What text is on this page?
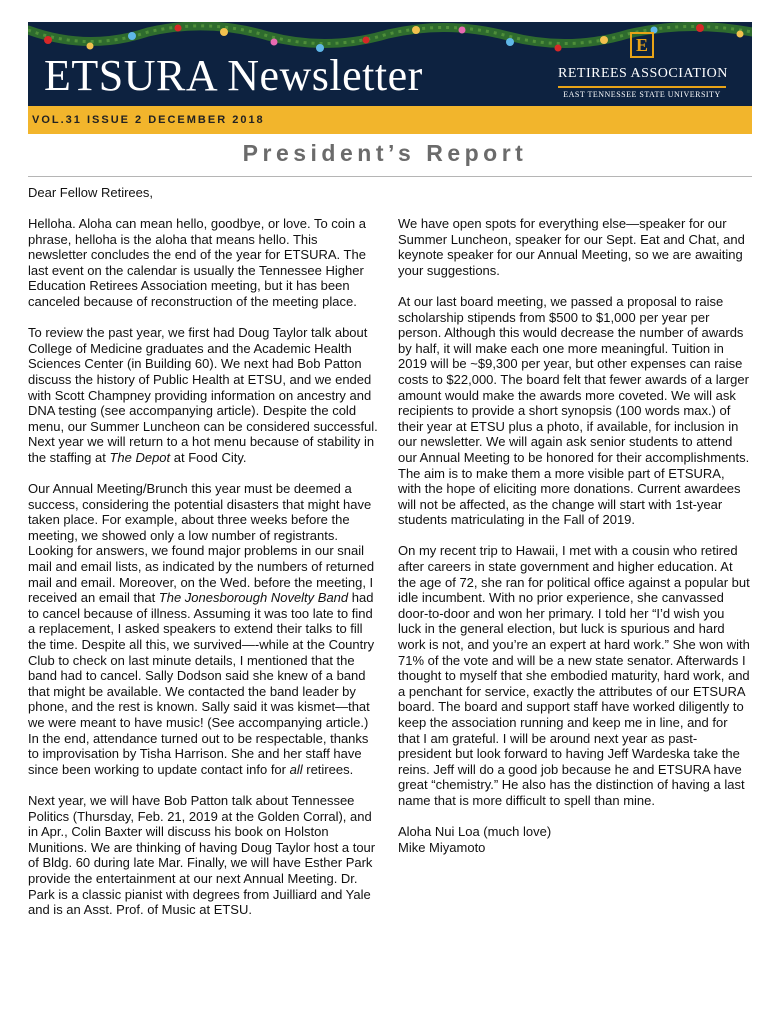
ETSURA Newsletter
E
RETIREES ASSOCIATION
EAST TENNESSEE STATE UNIVERSITY
VOL.31 ISSUE 2 DECEMBER 2018
President’s Report
Dear Fellow Retirees,

Helloha. Aloha can mean hello, goodbye, or love. To coin a phrase, helloha is the aloha that means hello. This newsletter concludes the end of the year for ETSURA. The last event on the calendar is usually the Tennessee Higher Education Retirees Association meeting, but it has been canceled because of reconstruction of the meeting place.

To review the past year, we first had Doug Taylor talk about College of Medicine graduates and the Academic Health Sciences Center (in Building 60). We next had Bob Patton discuss the history of Public Health at ETSU, and we ended with Scott Champney providing information on ancestry and DNA testing (see accompanying article). Despite the cold menu, our Summer Luncheon can be considered successful. Next year we will return to a hot menu because of stability in the staffing at The Depot at Food City.

Our Annual Meeting/Brunch this year must be deemed a success, considering the potential disasters that might have taken place. For example, about three weeks before the meeting, we showed only a low number of registrants. Looking for answers, we found major problems in our snail mail and email lists, as indicated by the numbers of returned mail and email. Moreover, on the Wed. before the meeting, I received an email that The Jonesborough Novelty Band had to cancel because of illness. Assuming it was too late to find a replacement, I asked speakers to extend their talks to fill the time. Despite all this, we survived—-while at the Country Club to check on last minute details, I mentioned that the band had to cancel. Sally Dodson said she knew of a band that might be available. We contacted the band leader by phone, and the rest is known. Sally said it was kismet—that we were meant to have music! (See accompanying article.) In the end, attendance turned out to be respectable, thanks to improvisation by Tisha Harrison. She and her staff have since been working to update contact info for all retirees.

Next year, we will have Bob Patton talk about Tennessee Politics (Thursday, Feb. 21, 2019 at the Golden Corral), and in Apr., Colin Baxter will discuss his book on Holston Munitions. We are thinking of having Doug Taylor host a tour of Bldg. 60 during late Mar. Finally, we will have Esther Park provide the entertainment at our next Annual Meeting. Dr. Park is a classic pianist with degrees from Juilliard and Yale and is an Asst. Prof. of Music at ETSU.

We have open spots for everything else—speaker for our Summer Luncheon, speaker for our Sept. Eat and Chat, and keynote speaker for our Annual Meeting, so we are awaiting your suggestions.

At our last board meeting, we passed a proposal to raise scholarship stipends from $500 to $1,000 per year per person. Although this would decrease the number of awards by half, it will make each one more meaningful. Tuition in 2019 will be ~$9,300 per year, but other expenses can raise costs to $22,000. The board felt that fewer awards of a larger amount would make the awards more coveted. We will ask recipients to provide a short synopsis (100 words max.) of their year at ETSU plus a photo, if available, for inclusion in our newsletter. We will again ask senior students to attend our Annual Meeting to be honored for their accomplishments. The aim is to make them a more visible part of ETSURA, with the hope of eliciting more donations. Current awardees will not be affected, as the change will start with 1st-year students matriculating in the Fall of 2019.

On my recent trip to Hawaii, I met with a cousin who retired after careers in state government and higher education. At the age of 72, she ran for political office against a popular but idle incumbent. With no prior experience, she canvassed door-to-door and won her primary. I told her “I’d wish you luck in the general election, but luck is spurious and hard work is not, and you’re an expert at hard work.” She won with 71% of the vote and will be a new state senator. Afterwards I thought to myself that she embodied maturity, hard work, and a penchant for service, exactly the attributes of our ETSURA board. The board and support staff have worked diligently to keep the association running and keep me in line, and for that I am grateful. I will be around next year as past-president but look forward to having Jeff Wardeska take the reins. Jeff will do a good job because he and ETSURA have great “chemistry.” He also has the distinction of having a last name that is more difficult to spell than mine.

Aloha Nui Loa (much love)
Mike Miyamoto
